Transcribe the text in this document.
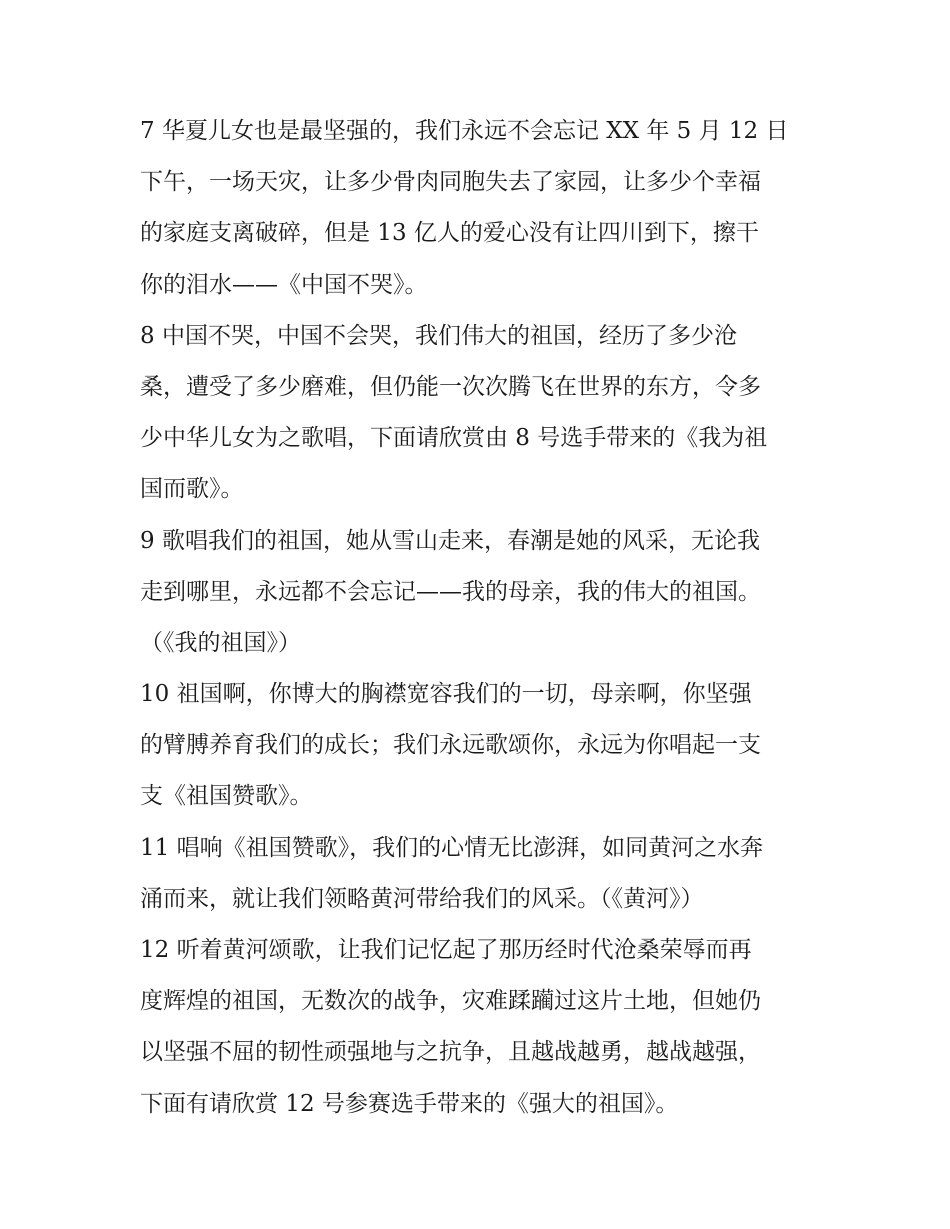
7 华夏儿女也是最坚强的，我们永远不会忘记 XX 年 5 月 12 日
下午，一场天灾，让多少骨肉同胞失去了家园，让多少个幸福
的家庭支离破碎，但是 13 亿人的爱心没有让四川到下，擦干
你的泪水——《中国不哭》。

8 中国不哭，中国不会哭，我们伟大的祖国，经历了多少沧
桑，遭受了多少磨难，但仍能一次次腾飞在世界的东方，令多
少中华儿女为之歌唱，下面请欣赏由 8 号选手带来的《我为祖
国而歌》。

9 歌唱我们的祖国，她从雪山走来，春潮是她的风采，无论我
走到哪里，永远都不会忘记——我的母亲，我的伟大的祖国。
（《我的祖国》）

10 祖国啊，你博大的胸襟宽容我们的一切，母亲啊，你坚强
的臂膊养育我们的成长；我们永远歌颂你，永远为你唱起一支
支《祖国赞歌》。

11 唱响《祖国赞歌》，我们的心情无比澎湃，如同黄河之水奔
涌而来，就让我们领略黄河带给我们的风采。（《黄河》）

12 听着黄河颂歌，让我们记忆起了那历经时代沧桑荣辱而再
度辉煌的祖国，无数次的战争，灾难蹂躏过这片土地，但她仍
以坚强不屈的韧性顽强地与之抗争，且越战越勇，越战越强，
下面有请欣赏 12 号参赛选手带来的《强大的祖国》。
